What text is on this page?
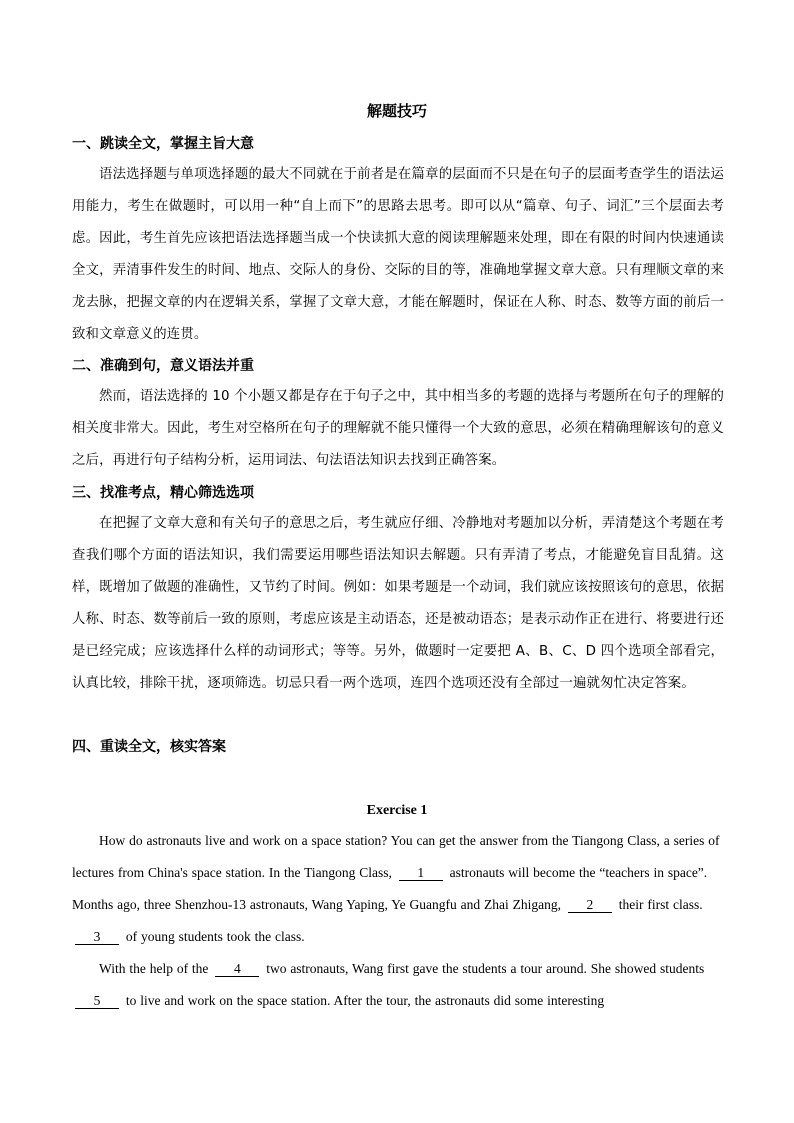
解题技巧
一、跳读全文，掌握主旨大意
语法选择题与单项选择题的最大不同就在于前者是在篇章的层面而不只是在句子的层面考查学生的语法运用能力，考生在做题时，可以用一种“自上而下”的思路去思考。即可以从“篇章、句子、词汇”三个层面去考虑。因此，考生首先应该把语法选择题当成一个快读抓大意的阅读理解题来处理，即在有限的时间内快速通读全文，弄清事件发生的时间、地点、交际人的身份、交际的目的等，准确地掌握文章大意。只有理顺文章的来龙去脉，把握文章的内在逻辑关系，掌握了文章大意，才能在解题时，保证在人称、时态、数等方面的前后一致和文章意义的连贯。
二、准确到句，意义语法并重
然而，语法选择的 10 个小题又都是存在于句子之中，其中相当多的考题的选择与考题所在句子的理解的相关度非常大。因此，考生对空格所在句子的理解就不能只懂得一个大致的意思，必须在精确理解该句的意义之后，再进行句子结构分析，运用词法、句法语法知识去找到正确答案。
三、找准考点，精心筛选选项
在把握了文章大意和有关句子的意思之后，考生就应仔细、冷静地对考题加以分析，弄清楚这个考题在考查我们哪个方面的语法知识，我们需要运用哪些语法知识去解题。只有弄清了考点，才能避免盲目乱猜。这样，既增加了做题的准确性，又节约了时间。例如：如果考题是一个动词，我们就应该按照该句的意思，依据人称、时态、数等前后一致的原则，考虑应该是主动语态，还是被动语态；是表示动作正在进行、将要进行还是已经完成；应该选择什么样的动词形式；等等。另外，做题时一定要把 A、B、C、D 四个选项全部看完，认真比较，排除干扰，逐项筛选。切忌只看一两个选项，连四个选项还没有全部过一遍就匆忙决定答案。
四、重读全文，核实答案
Exercise 1
How do astronauts live and work on a space station? You can get the answer from the Tiangong Class, a series of lectures from China's space station. In the Tiangong Class, 1 astronauts will become the “teachers in space”. Months ago, three Shenzhou-13 astronauts, Wang Yaping, Ye Guangfu and Zhai Zhigang, 2 their first class. 3 of young students took the class.
With the help of the 4 two astronauts, Wang first gave the students a tour around. She showed students 5 to live and work on the space station. After the tour, the astronauts did some interesting
